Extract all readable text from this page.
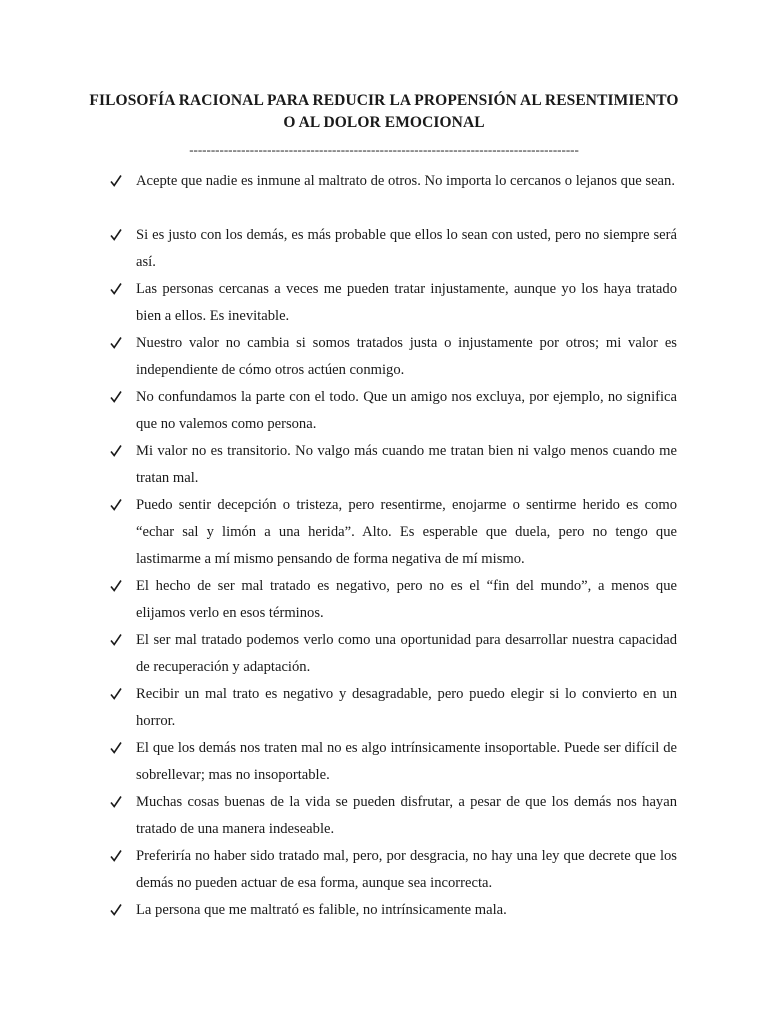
FILOSOFÍA RACIONAL PARA REDUCIR LA PROPENSIÓN AL RESENTIMIENTO
O AL DOLOR EMOCIONAL
------------------------------------------------------------------------------------------
Acepte que nadie es inmune al maltrato de otros. No importa lo cercanos o lejanos que sean.
Si es justo con los demás, es más probable que ellos lo sean con usted, pero no siempre será así.
Las personas cercanas a veces me pueden tratar injustamente, aunque yo los haya tratado bien a ellos. Es inevitable.
Nuestro valor no cambia si somos tratados justa o injustamente por otros; mi valor es independiente de cómo otros actúen conmigo.
No confundamos la parte con el todo. Que un amigo nos excluya, por ejemplo, no significa que no valemos como persona.
Mi valor no es transitorio. No valgo más cuando me tratan bien ni valgo menos cuando me tratan mal.
Puedo sentir decepción o tristeza, pero resentirme, enojarme o sentirme herido es como “echar sal y limón a una herida”. Alto. Es esperable que duela, pero no tengo que lastimarme a mí mismo pensando de forma negativa de mí mismo.
El hecho de ser mal tratado es negativo, pero no es el “fin del mundo”, a menos que elijamos verlo en esos términos.
El ser mal tratado podemos verlo como una oportunidad para desarrollar nuestra capacidad de recuperación y adaptación.
Recibir un mal trato es negativo y desagradable, pero puedo elegir si lo convierto en un horror.
El que los demás nos traten mal no es algo intrínsicamente insoportable. Puede ser difícil de sobrellevar; mas no insoportable.
Muchas cosas buenas de la vida se pueden disfrutar, a pesar de que los demás nos hayan tratado de una manera indeseable.
Preferiría no haber sido tratado mal, pero, por desgracia, no hay una ley que decrete que los demás no pueden actuar de esa forma, aunque sea incorrecta.
La persona que me maltrató es falible, no intrínsicamente mala.
